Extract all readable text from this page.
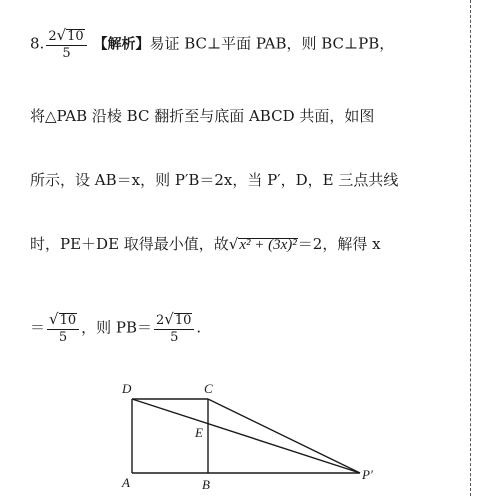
8. $\frac{2√10}{5}$ 【解析】易证 BC⊥平面 PAB，则 BC⊥PB，
将△PAB 沿棱 BC 翻折至与底面 ABCD 共面，如图
所示，设 AB＝x，则 P′B＝2x，当 P′，D，E 三点共线
时，PE＋DE 取得最小值，故√x² + (3x)²＝2，解得 x
＝ $\frac{√10}{5}$ ，则 $PB= \frac{2√10}{5}$ .
D	C
E
A	B
P′
